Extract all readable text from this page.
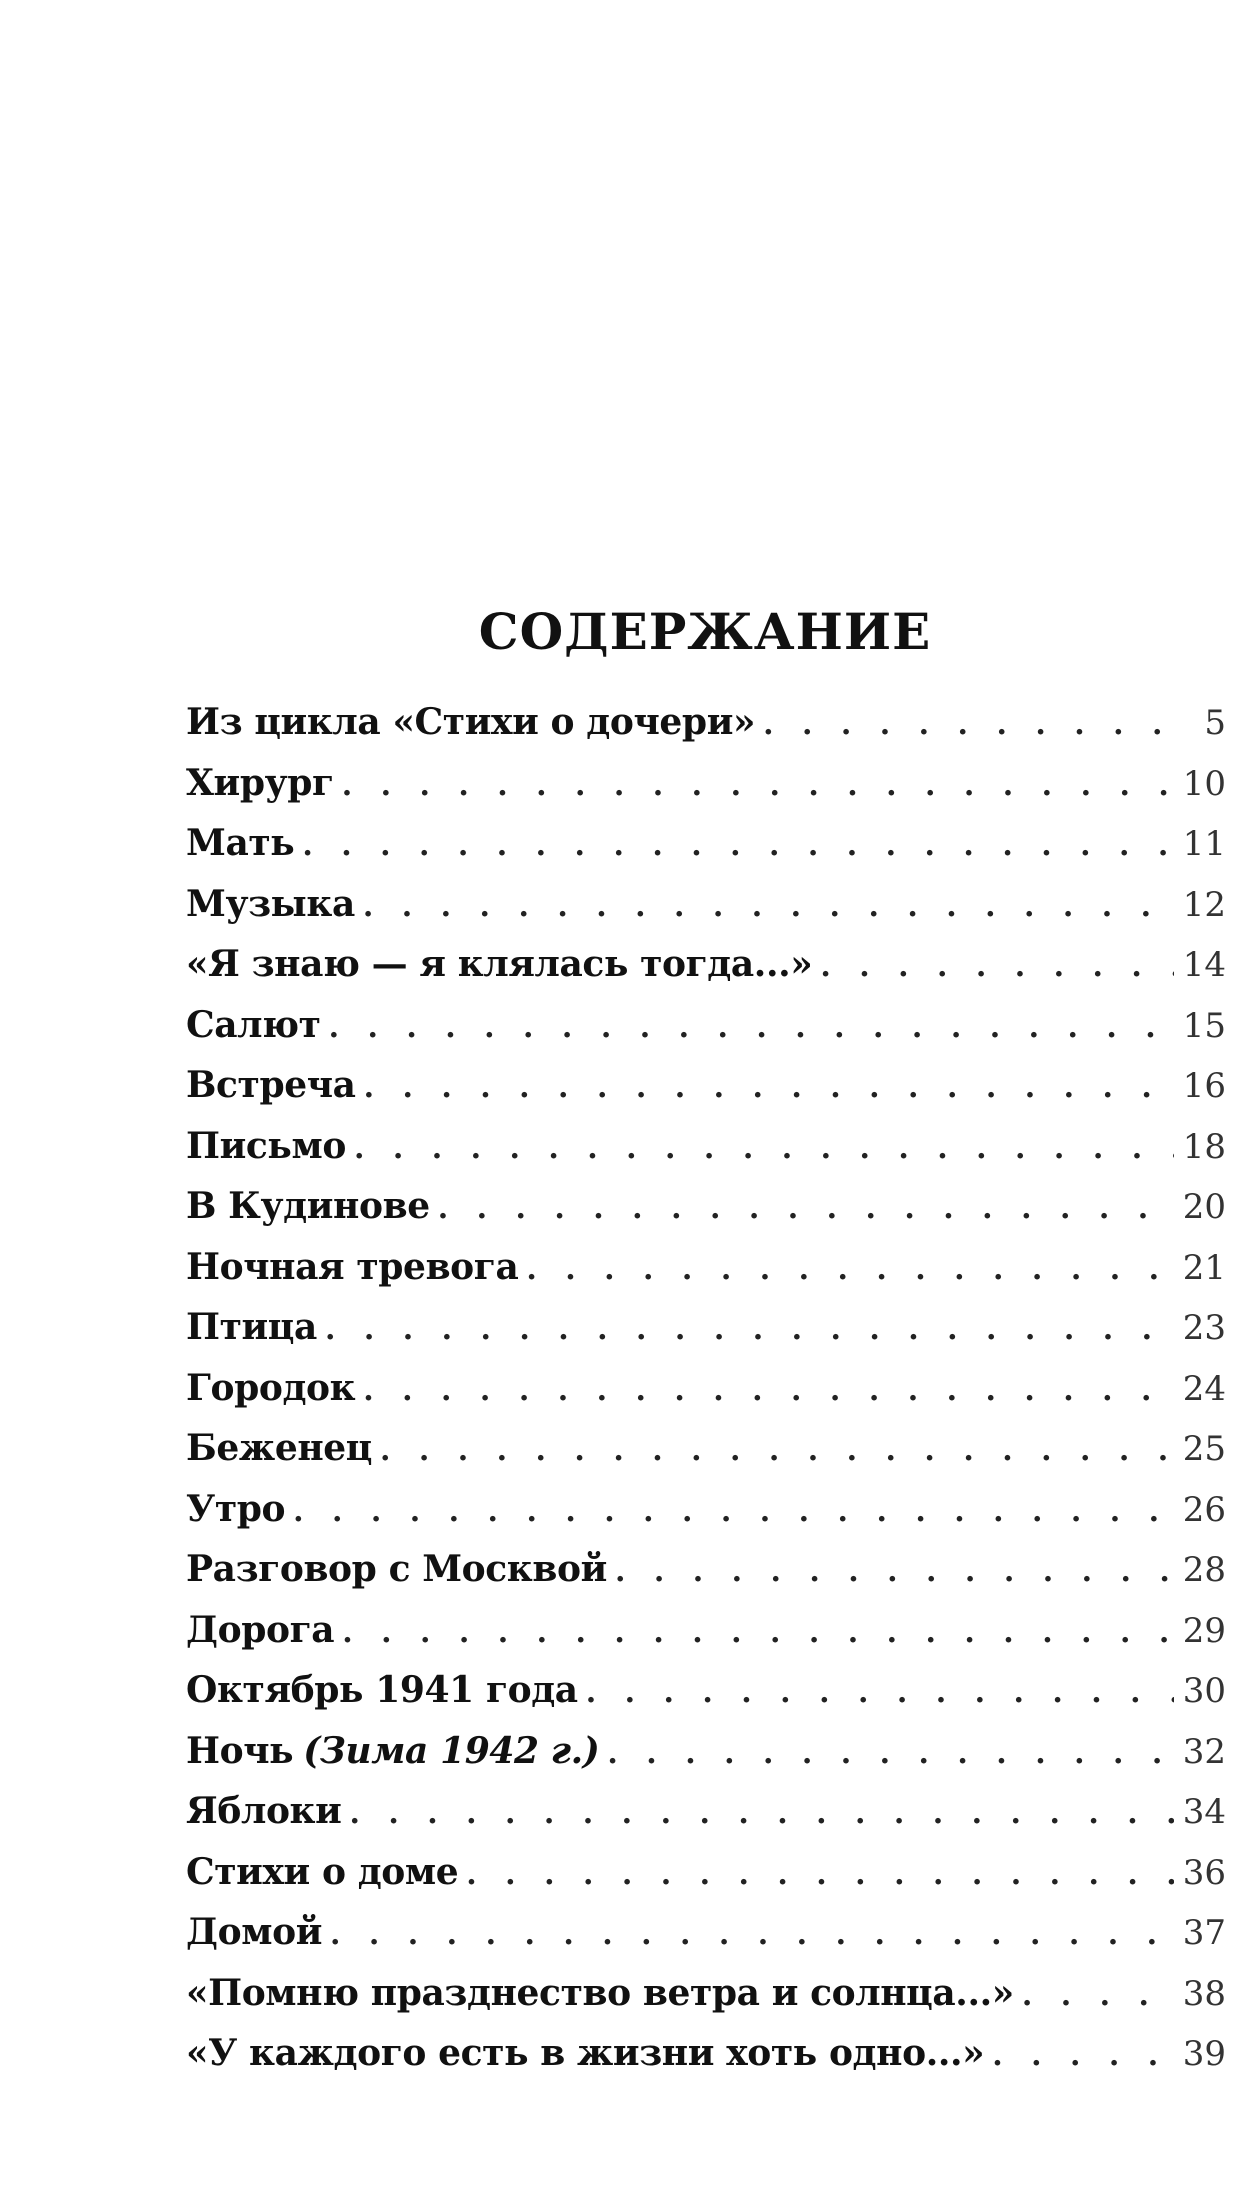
СОДЕРЖАНИЕ
Из цикла «Стихи о дочери» . . .	5
Хирург . . .	10
Мать . . .	11
Музыка . . .	12
«Я знаю — я клялась тогда...» . . .	14
Салют . . .	15
Встреча . . .	16
Письмо . . .	18
В Кудинове . . .	20
Ночная тревога . . .	21
Птица . . .	23
Городок . . .	24
Беженец . . .	25
Утро . . .	26
Разговор с Москвой . . .	28
Дорога . . .	29
Октябрь 1941 года . . .	30
Ночь (Зима 1942 г.) . . .	32
Яблоки . . .	34
Стихи о доме . . .	36
Домой . . .	37
«Помню празднество ветра и солнца...» . . .	38
«У каждого есть в жизни хоть одно...» . . .	39
